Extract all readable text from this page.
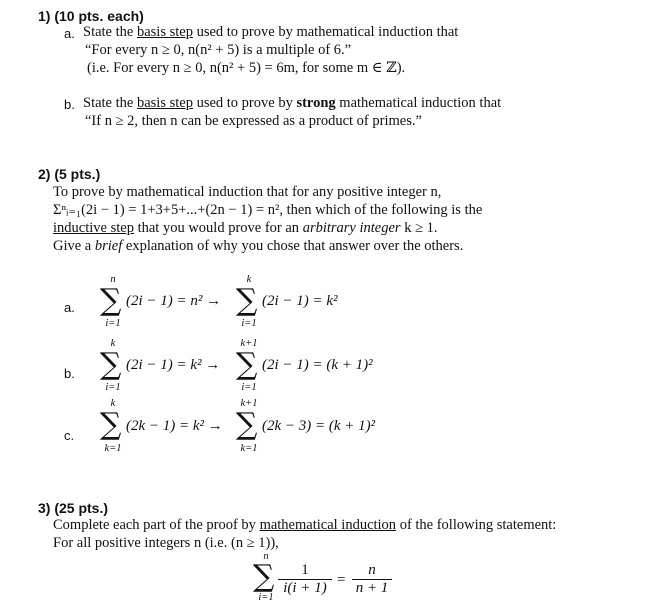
1) (10 pts. each)
a. State the basis step used to prove by mathematical induction that
“For every n ≥ 0, n(n² + 5) is a multiple of 6.”
(i.e. For every n ≥ 0, n(n² + 5) = 6m, for some m ∈ ℤ).
b. State the basis step used to prove by strong mathematical induction that
“If n ≥ 2, then n can be expressed as a product of primes.”
2) (5 pts.)
To prove by mathematical induction that for any positive integer n,
Σⁿᵢ₌₁(2i − 1) = 1+3+5+...+(2n − 1) = n², then which of the following is the
inductive step that you would prove for an arbitrary integer k ≥ 1.
Give a brief explanation of why you chose that answer over the others.
a.
n
∑
i=1
(2i − 1) = n² →
k
∑
i=1
(2i − 1) = k²
b.
k
∑
i=1
(2i − 1) = k² →
k+1
∑
i=1
(2i − 1) = (k + 1)²
c.
k
∑
k=1
(2k − 1) = k² →
k+1
∑
k=1
(2k − 3) = (k + 1)²
3) (25 pts.)
Complete each part of the proof by mathematical induction of the following statement:
For all positive integers n (i.e. (n ≥ 1)),
n
∑
i=1
$\frac{1}{i(i + 1)} = \frac{n}{n + 1}$
